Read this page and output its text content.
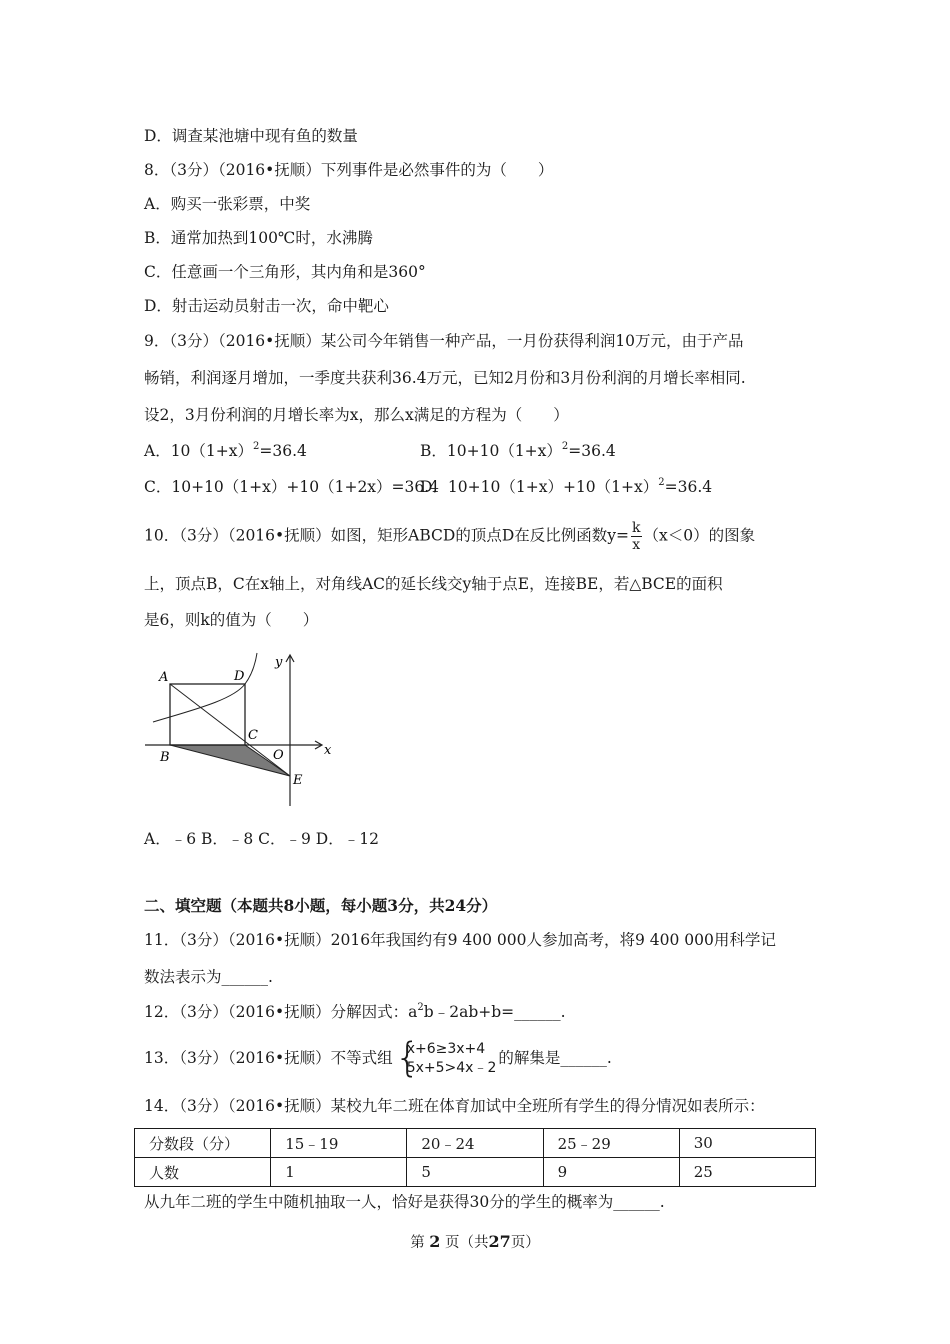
D．调查某池塘中现有鱼的数量
8．（3分）（2016•抚顺）下列事件是必然事件的为（　　）
A．购买一张彩票，中奖
B．通常加热到100℃时，水沸腾
C．任意画一个三角形，其内角和是360°
D．射击运动员射击一次，命中靶心
9．（3分）（2016•抚顺）某公司今年销售一种产品，一月份获得利润10万元，由于产品
畅销，利润逐月增加，一季度共获利36.4万元，已知2月份和3月份利润的月增长率相同.
设2，3月份利润的月增长率为x，那么x满足的方程为（　　）
A．$10(1+x)^2=36.4$	B．$10+10(1+x)^2=36.4$
C．10+10（1+x）+10（1+2x）=36.4
D．$10+10(1+x)+10(1+x)^2=36.4$
10．（3分）（2016•抚顺）如图，矩形ABCD的顶点D在反比例函数$y= \frac{k}{x} (x<0)$的图象
上，顶点B，C在x轴上，对角线AC的延长线交y轴于点E，连接BE，若△BCE的面积
是6，则k的值为（　　）
A	D
C
B	O
E
x
y
A．﹣6 B．﹣8 C．﹣9 D．﹣12
二、填空题（本题共8小题，每小题3分，共24分）
11．（3分）（2016•抚顺）2016年我国约有9 400 000人参加高考，将9 400 000用科学记
数法表示为______.
12．（3分）（2016•抚顺）分解因式：$a^2b﹣2ab+b=\_\_\_\_\_\_$.
13．（3分）（2016•抚顺）不等式组 {
x+6≥3x+4
5x+5>4x﹣2
的解集是______.
14．（3分）（2016•抚顺）某校九年二班在体育加试中全班所有学生的得分情况如表所示：
分数段（分）	15﹣19	20﹣24	25﹣29	30
人数	1	5	9	25
从九年二班的学生中随机抽取一人，恰好是获得30分的学生的概率为______.
第 2 页（共27页）
